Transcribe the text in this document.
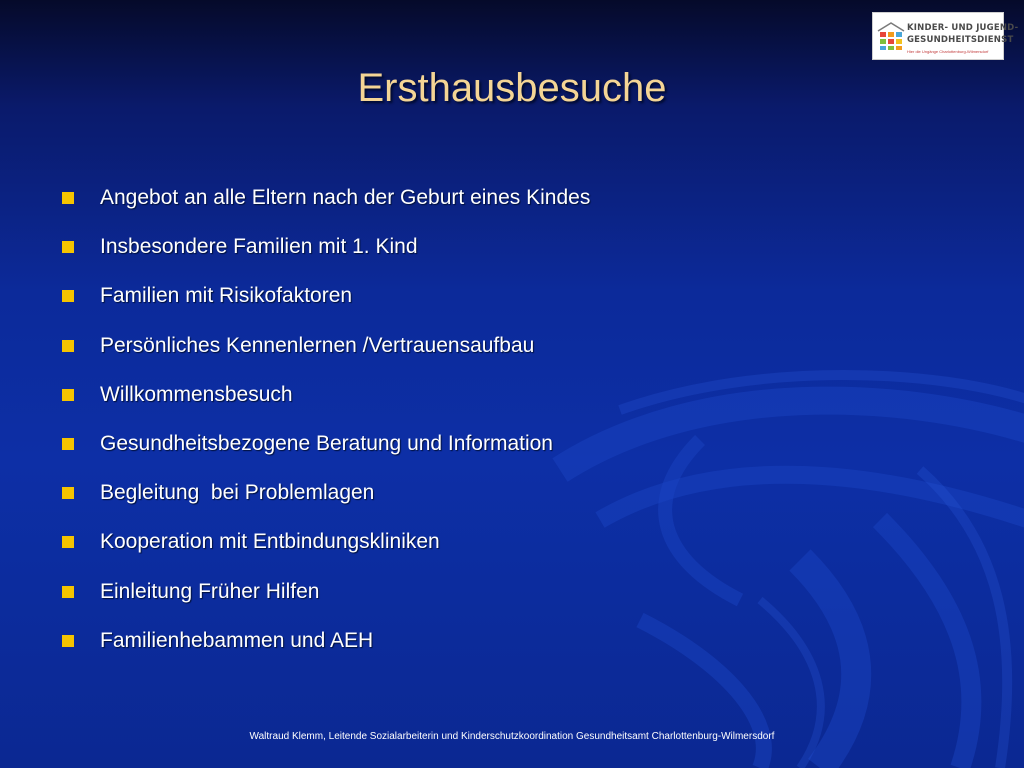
KINDER- UND JUGEND-
GESUNDHEITSDIENST
Hier die Ungänge Charlottenburg-Wilmersdorf
Ersthausbesuche
Angebot an alle Eltern nach der Geburt eines Kindes
Insbesondere Familien mit 1. Kind
Familien mit Risikofaktoren
Persönliches Kennenlernen /Vertrauensaufbau
Willkommensbesuch
Gesundheitsbezogene Beratung und Information
Begleitung  bei Problemlagen
Kooperation mit Entbindungskliniken
Einleitung Früher Hilfen
Familienhebammen und AEH
Waltraud Klemm, Leitende Sozialarbeiterin und Kinderschutzkoordination Gesundheitsamt Charlottenburg-Wilmersdorf
